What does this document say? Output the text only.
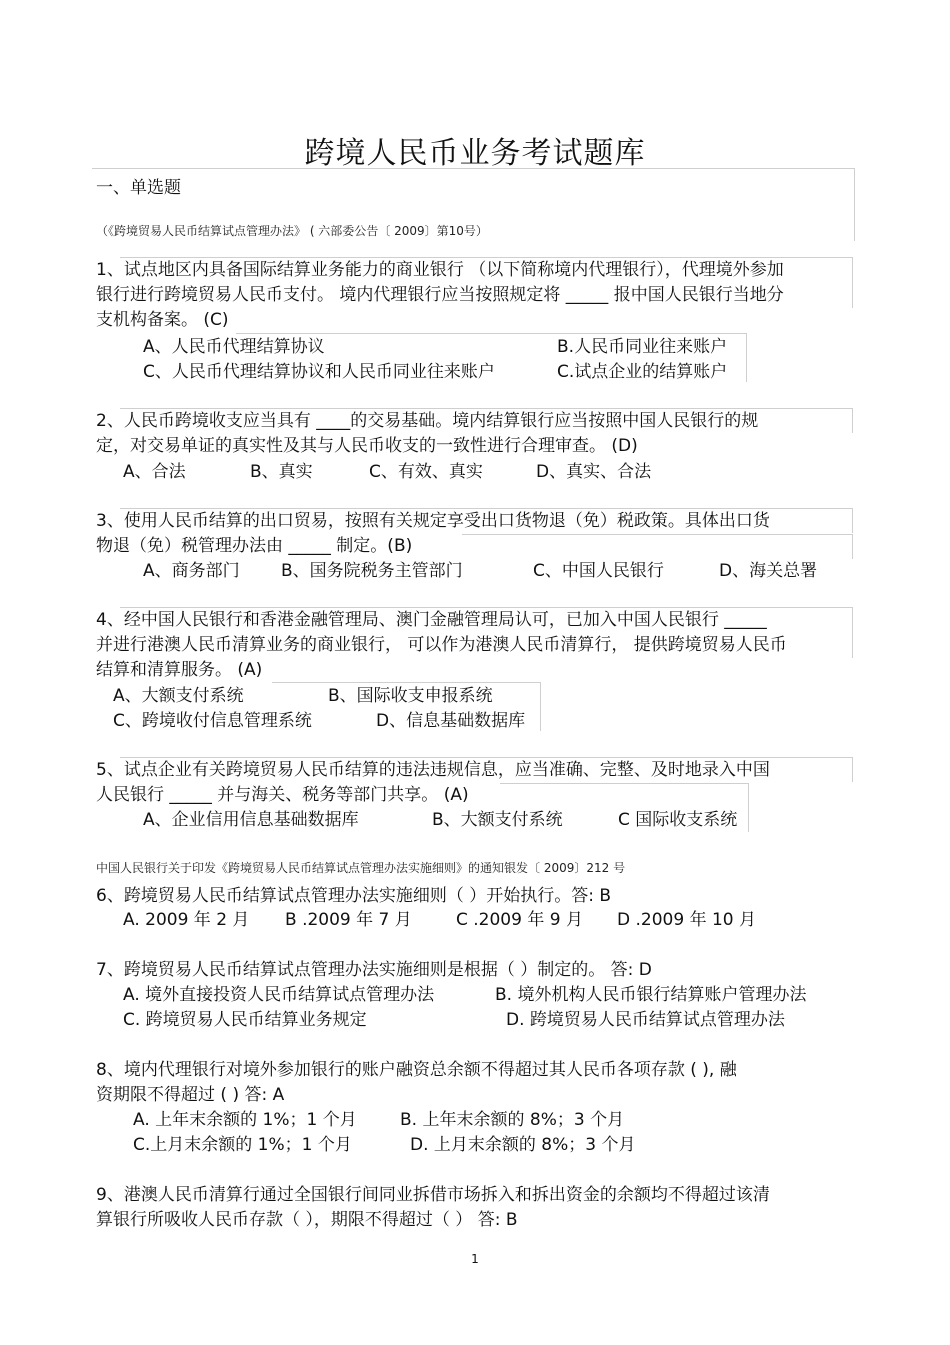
跨境人民币业务考试题库
一、单选题
（《跨境贸易人民币结算试点管理办法》 ( 六部委公告〔 2009〕第10号）
1、试点地区内具备国际结算业务能力的商业银行 （以下简称境内代理银行），代理境外参加
银行进行跨境贸易人民币支付。 境内代理银行应当按照规定将 _____ 报中国人民银行当地分
支机构备案。 (C)
A、人民币代理结算协议	B.人民币同业往来账户
C、人民币代理结算协议和人民币同业往来账户	C.试点企业的结算账户
2、人民币跨境收支应当具有 ____的交易基础。境内结算银行应当按照中国人民银行的规
定，对交易单证的真实性及其与人民币收支的一致性进行合理审查。 (D)
A、合法	B、真实	C、有效、真实	D、真实、合法
3、使用人民币结算的出口贸易，按照有关规定享受出口货物退（免）税政策。具体出口货
物退（免）税管理办法由 _____ 制定。(B)
A、商务部门 B、国务院税务主管部门	C、中国人民银行	D、海关总署
4、经中国人民银行和香港金融管理局、澳门金融管理局认可，已加入中国人民银行 _____
并进行港澳人民币清算业务的商业银行， 可以作为港澳人民币清算行， 提供跨境贸易人民币
结算和清算服务。 (A)
A、大额支付系统	B、国际收支申报系统
C、跨境收付信息管理系统	D、信息基础数据库
5、试点企业有关跨境贸易人民币结算的违法违规信息，应当准确、完整、及时地录入中国
人民银行 _____ 并与海关、税务等部门共享。 (A)
A、企业信用信息基础数据库	B、大额支付系统	C 国际收支系统
中国人民银行关于印发《跨境贸易人民币结算试点管理办法实施细则》的通知银发〔 2009〕212 号
6、跨境贸易人民币结算试点管理办法实施细则（ ）开始执行。答: B
A. 2009 年 2 月 B .2009 年 7 月	C .2009 年 9 月 D .2009 年 10 月
7、跨境贸易人民币结算试点管理办法实施细则是根据（ ）制定的。 答: D
A. 境外直接投资人民币结算试点管理办法	B. 境外机构人民币银行结算账户管理办法
C. 跨境贸易人民币结算业务规定	D. 跨境贸易人民币结算试点管理办法
8、境内代理银行对境外参加银行的账户融资总余额不得超过其人民币各项存款 ( ), 融
资期限不得超过 ( ) 答: A
A. 上年末余额的 1%；1 个月	B. 上年末余额的 8%；3 个月
C.上月末余额的 1%；1 个月	D. 上月末余额的 8%；3 个月
9、港澳人民币清算行通过全国银行间同业拆借市场拆入和拆出资金的余额均不得超过该清
算银行所吸收人民币存款（ ），期限不得超过（ ） 答: B
1
